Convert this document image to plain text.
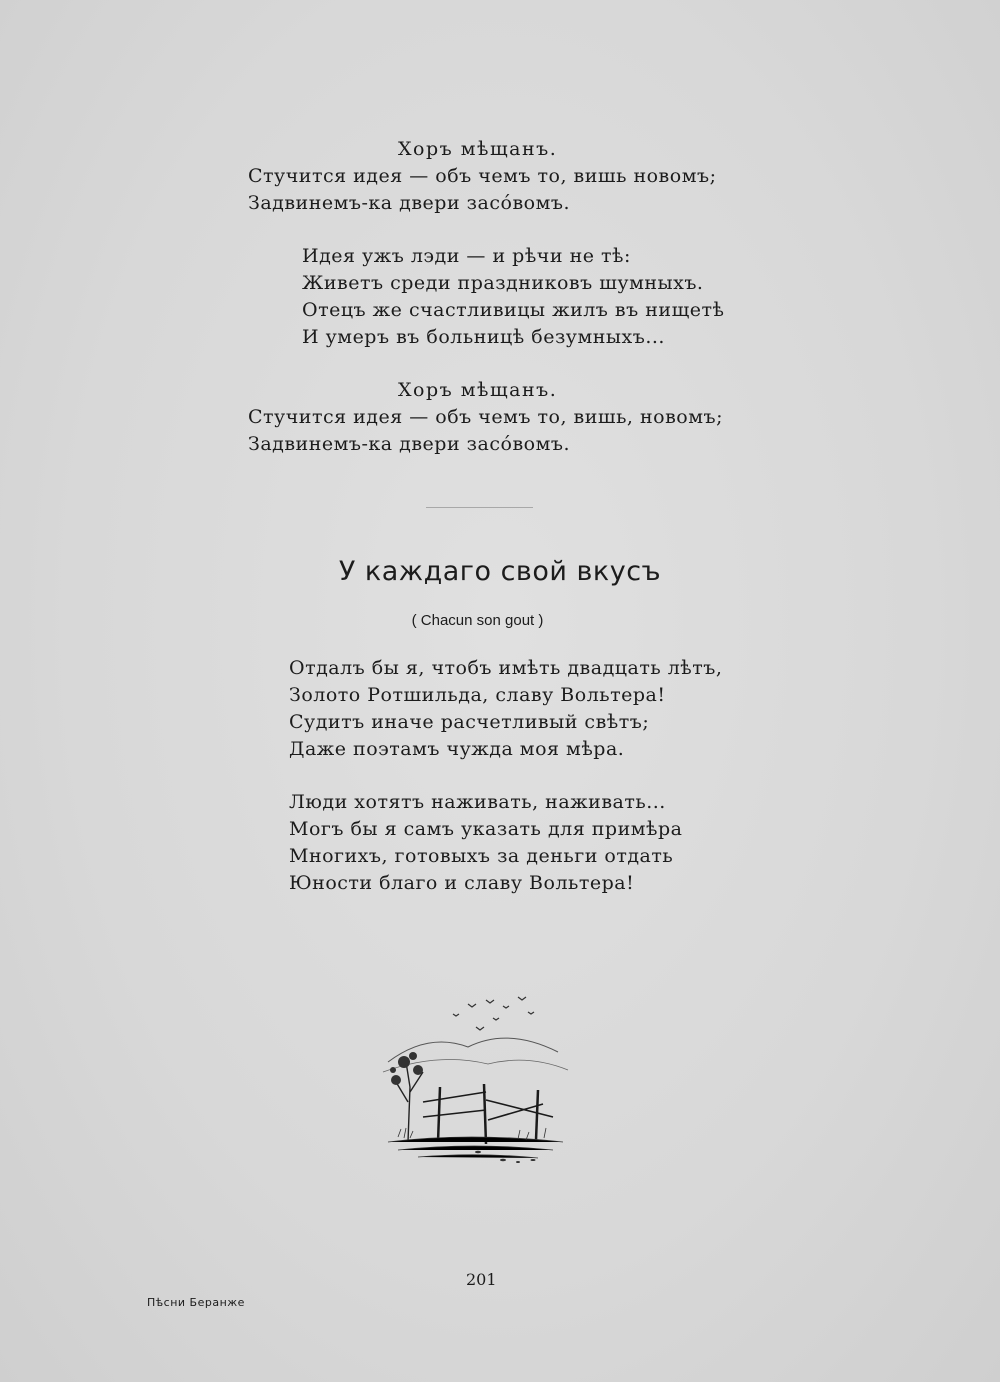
Хоръ мѣщанъ.
Стучится идея — объ чемъ то, вишь новомъ;
Задвинемъ-ка двери засо́вомъ.
Идея ужъ лэди — и рѣчи не тѣ:
Живетъ среди праздниковъ шумныхъ.
Отецъ же счастливицы жилъ въ нищетѣ
И умеръ въ больницѣ безумныхъ...
Хоръ мѣщанъ.
Стучится идея — объ чемъ то, вишь, новомъ;
Задвинемъ-ка двери засо́вомъ.
У каждаго свой вкусъ
( Chacun son gout )
Отдалъ бы я, чтобъ имѣть двадцать лѣтъ,
Золото Ротшильда, славу Вольтера!
Судитъ иначе расчетливый свѣтъ;
Даже поэтамъ чужда моя мѣра.
Люди хотятъ наживать, наживать...
Могъ бы я самъ указать для примѣра
Многихъ, готовыхъ за деньги отдать
Юности благо и славу Вольтера!
201
Пѣсни Беранже
